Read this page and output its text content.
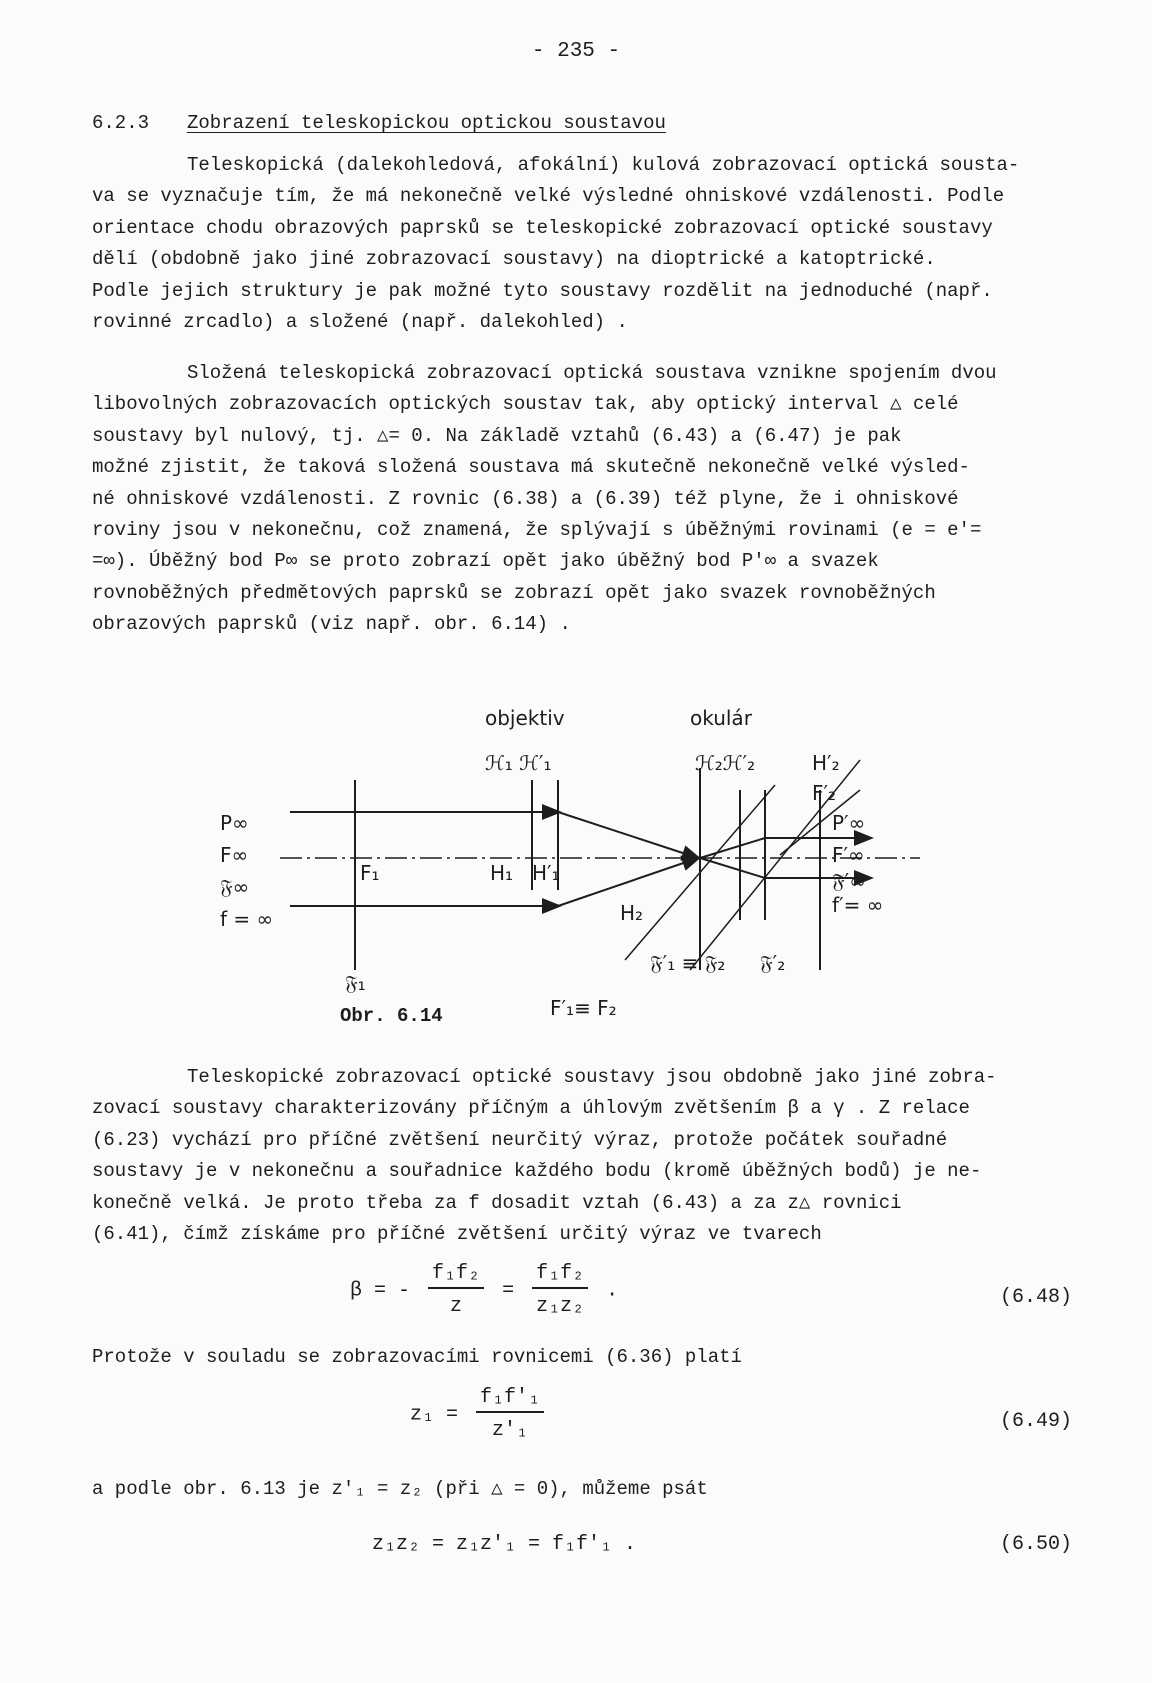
- 235 -
6.2.3 Zobrazení teleskopickou optickou soustavou
Teleskopická (dalekohledová, afokální) kulová zobrazovací optická sousta-
va se vyznačuje tím, že má nekonečně velké výsledné ohniskové vzdálenosti. Podle
orientace chodu obrazových paprsků se teleskopické zobrazovací optické soustavy
dělí (obdobně jako jiné zobrazovací soustavy) na dioptrické a katoptrické.
Podle jejich struktury je pak možné tyto soustavy rozdělit na jednoduché (např.
rovinné zrcadlo) a složené (např. dalekohled) .
Složená teleskopická zobrazovací optická soustava vznikne spojením dvou
libovolných zobrazovacích optických soustav tak, aby optický interval △ celé
soustavy byl nulový, tj. △= 0. Na základě vztahů (6.43) a (6.47) je pak
možné zjistit, že taková složená soustava má skutečně nekonečně velké výsled-
né ohniskové vzdálenosti. Z rovnic (6.38) a (6.39) též plyne, že i ohniskové
roviny jsou v nekonečnu, což znamená, že splývají s úběžnými rovinami (e = e′=
=∞). Úběžný bod P∞ se proto zobrazí opět jako úběžný bod P′∞ a svazek
rovnoběžných předmětových paprsků se zobrazí opět jako svazek rovnoběžných
obrazových paprsků (viz např. obr. 6.14) .
objektiv	okulár
ℋ₁ ℋ′₁	ℋ₂ℋ′₂	H′₂
F′₂
P∞
F∞
𝔉∞
f = ∞
P′∞
F′∞
𝔉′∞
f′= ∞
F₁	H₁ H′₁
H₂
𝔉₁
𝔉′₁ ≡ 𝔉₂ 𝔉′₂
F′₁≡ F₂
Obr. 6.14
Teleskopické zobrazovací optické soustavy jsou obdobně jako jiné zobra-
zovací soustavy charakterizovány příčným a úhlovým zvětšením β a γ . Z relace
(6.23) vychází pro příčné zvětšení neurčitý výraz, protože počátek souřadné
soustavy je v nekonečnu a souřadnice každého bodu (kromě úběžných bodů) je ne-
konečně velká. Je proto třeba za f dosadit vztah (6.43) a za z△ rovnici
(6.41), čímž získáme pro příčné zvětšení určitý výraz ve tvarech
β = - $\frac{\text{f₁f₂}}{z} = \frac{\text{f₁f₂}}{\text{z₁z₂}}$ .	(6.48)
Protože v souladu se zobrazovacími rovnicemi (6.36) platí
$z_1 = \frac{\text{f₁f′₁}}{\text{z′₁}}$	(6.49)
a podle obr. 6.13 je z′₁ = z₂ (při △ = 0), můžeme psát
z₁z₂ = z₁z′₁ = f₁f′₁ .	(6.50)
